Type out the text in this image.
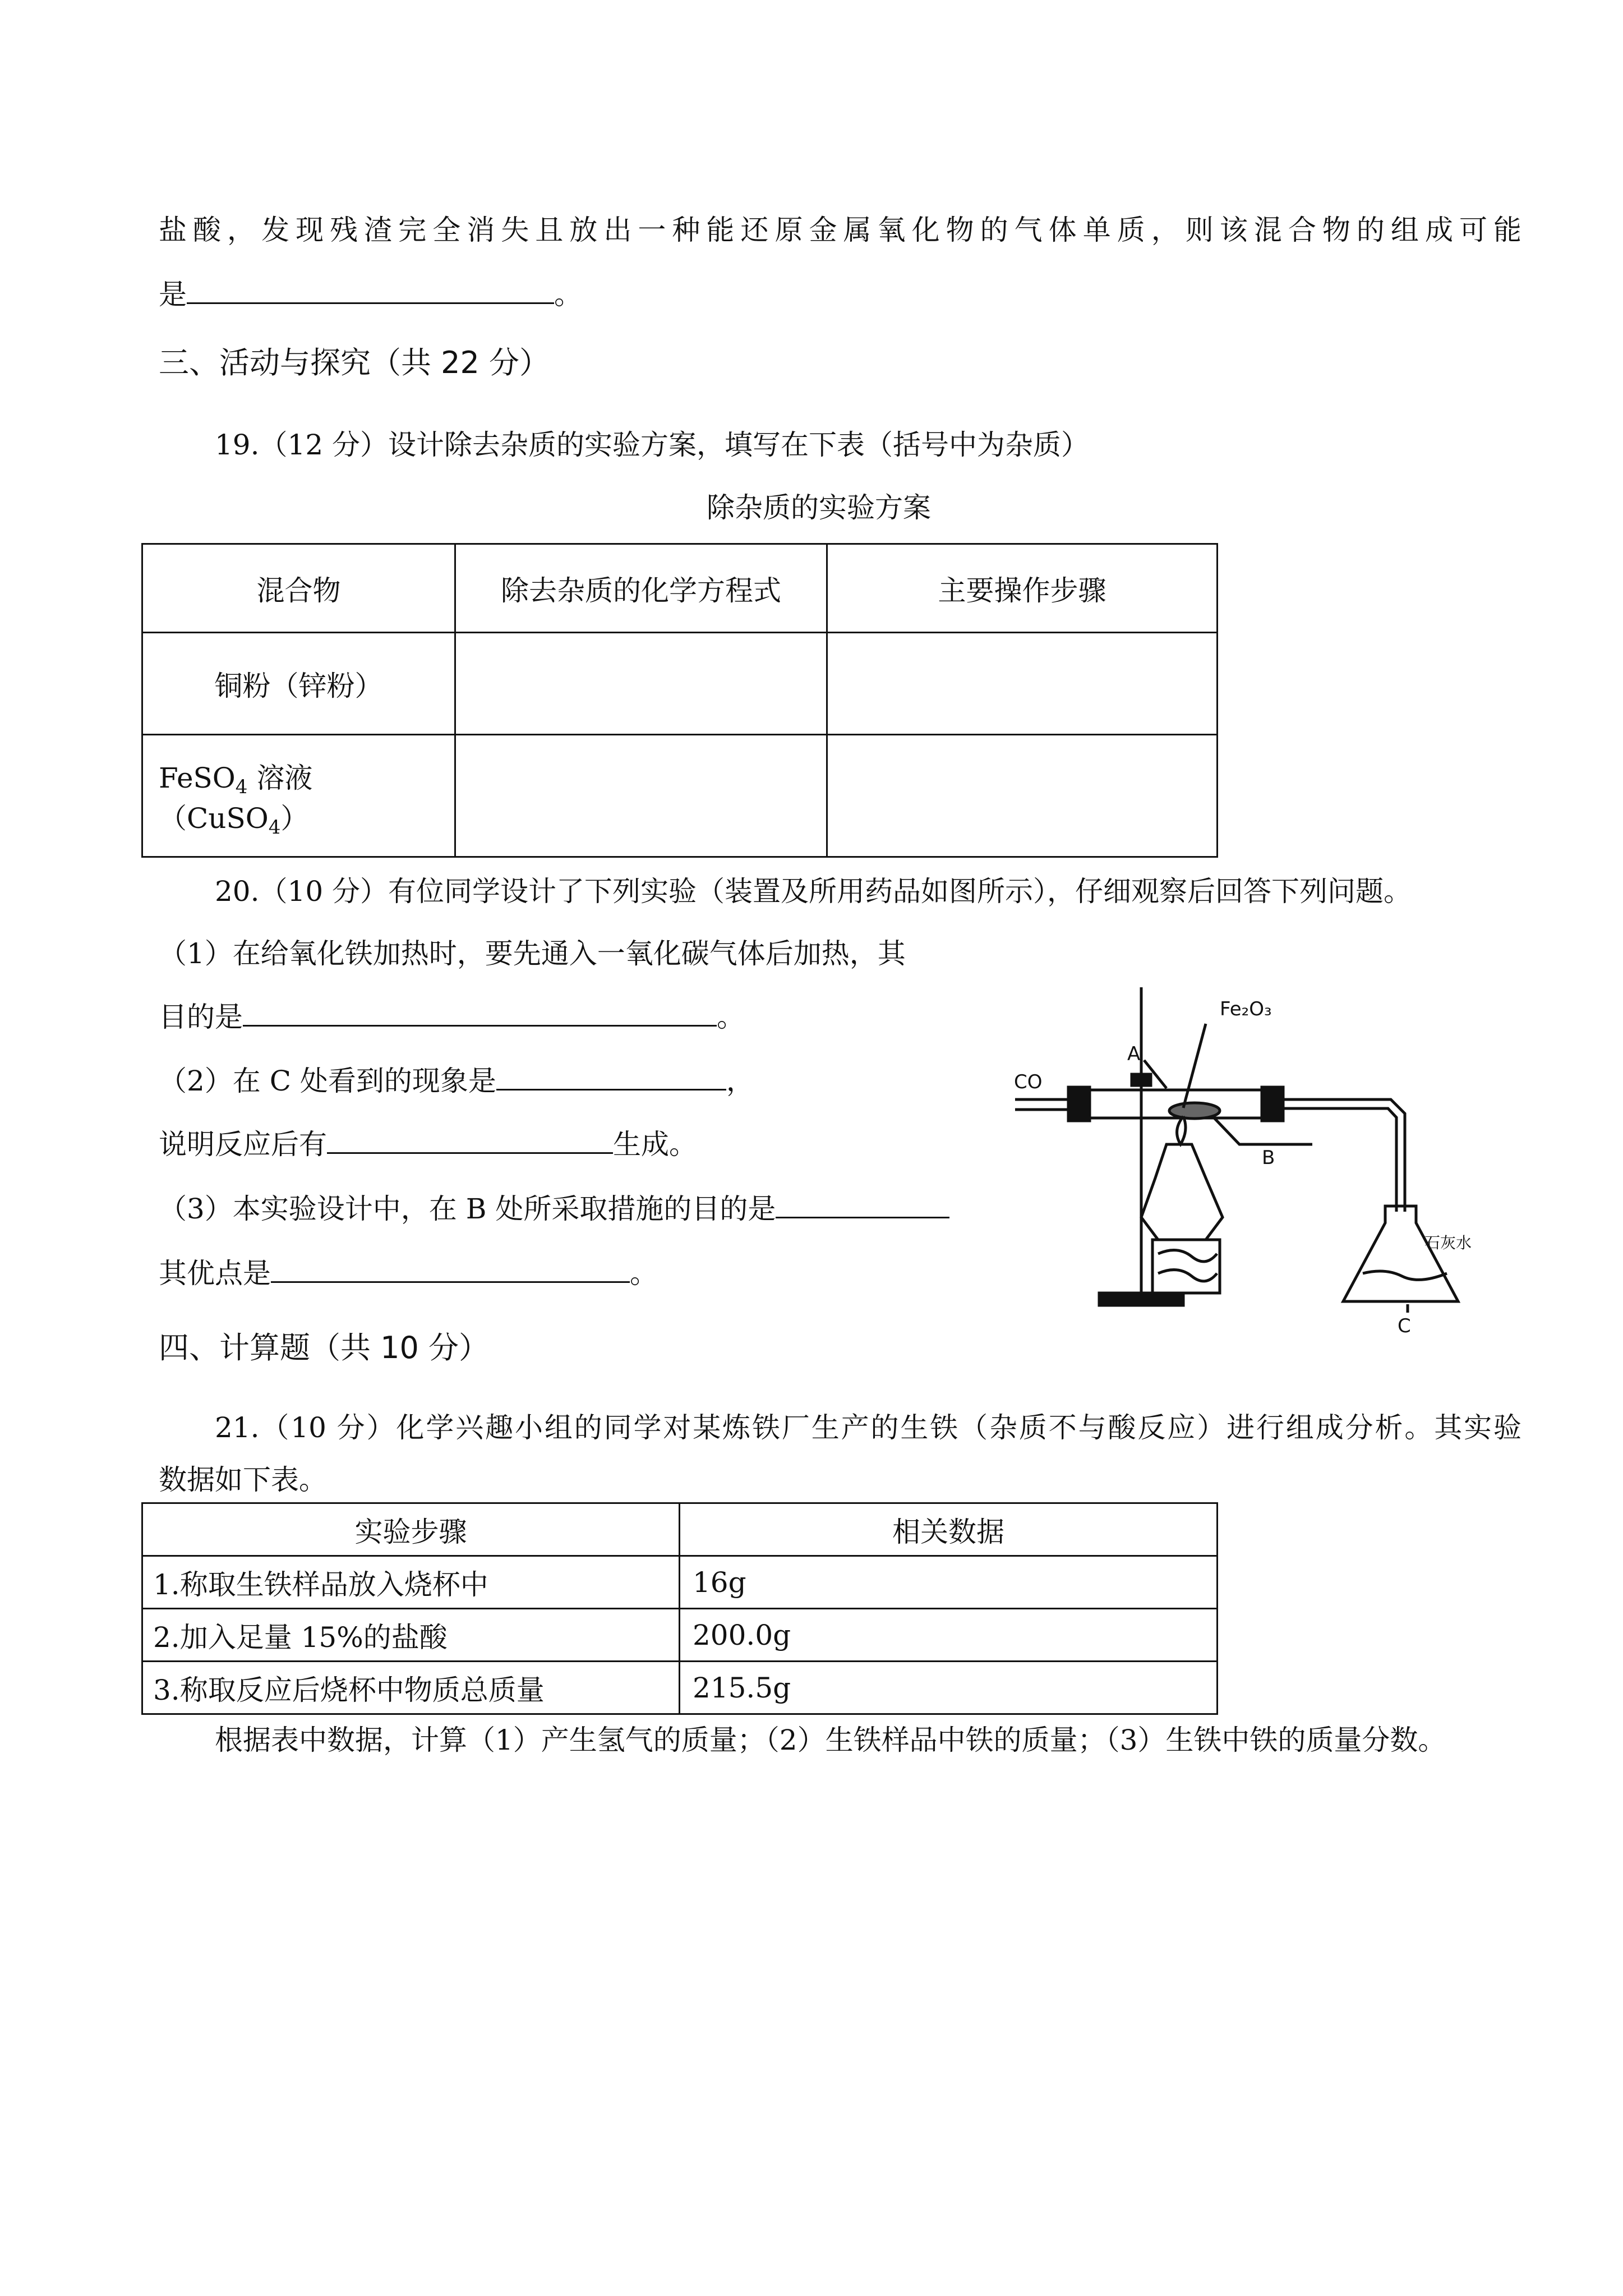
盐酸，发现残渣完全消失且放出一种能还原金属氧化物的气体单质，则该混合物的组成可能
是	。
三、活动与探究（共 22 分）
19.（12 分）设计除去杂质的实验方案，填写在下表（括号中为杂质）
除杂质的实验方案
混合物	除去杂质的化学方程式	主要操作步骤
铜粉（锌粉）		
FeSO$_4$ 溶液（CuSO$_4$）		
20.（10 分）有位同学设计了下列实验（装置及所用药品如图所示），仔细观察后回答下列问题。
（1）在给氧化铁加热时，要先通入一氧化碳气体后加热，其
目的是	。
（2）在 C 处看到的现象是	，
说明反应后有	生成。
（3）本实验设计中，在 B 处所采取措施的目的是
其优点是	。
CO
Fe₂O₃
A
B
C
石灰水
四、计算题（共 10 分）
21.（10 分）化学兴趣小组的同学对某炼铁厂生产的生铁（杂质不与酸反应）进行组成分析。其实验
数据如下表。
实验步骤	相关数据
1.称取生铁样品放入烧杯中	16g
2.加入足量 15%的盐酸	200.0g
3.称取反应后烧杯中物质总质量	215.5g
根据表中数据，计算（1）产生氢气的质量；（2）生铁样品中铁的质量；（3）生铁中铁的质量分数。
